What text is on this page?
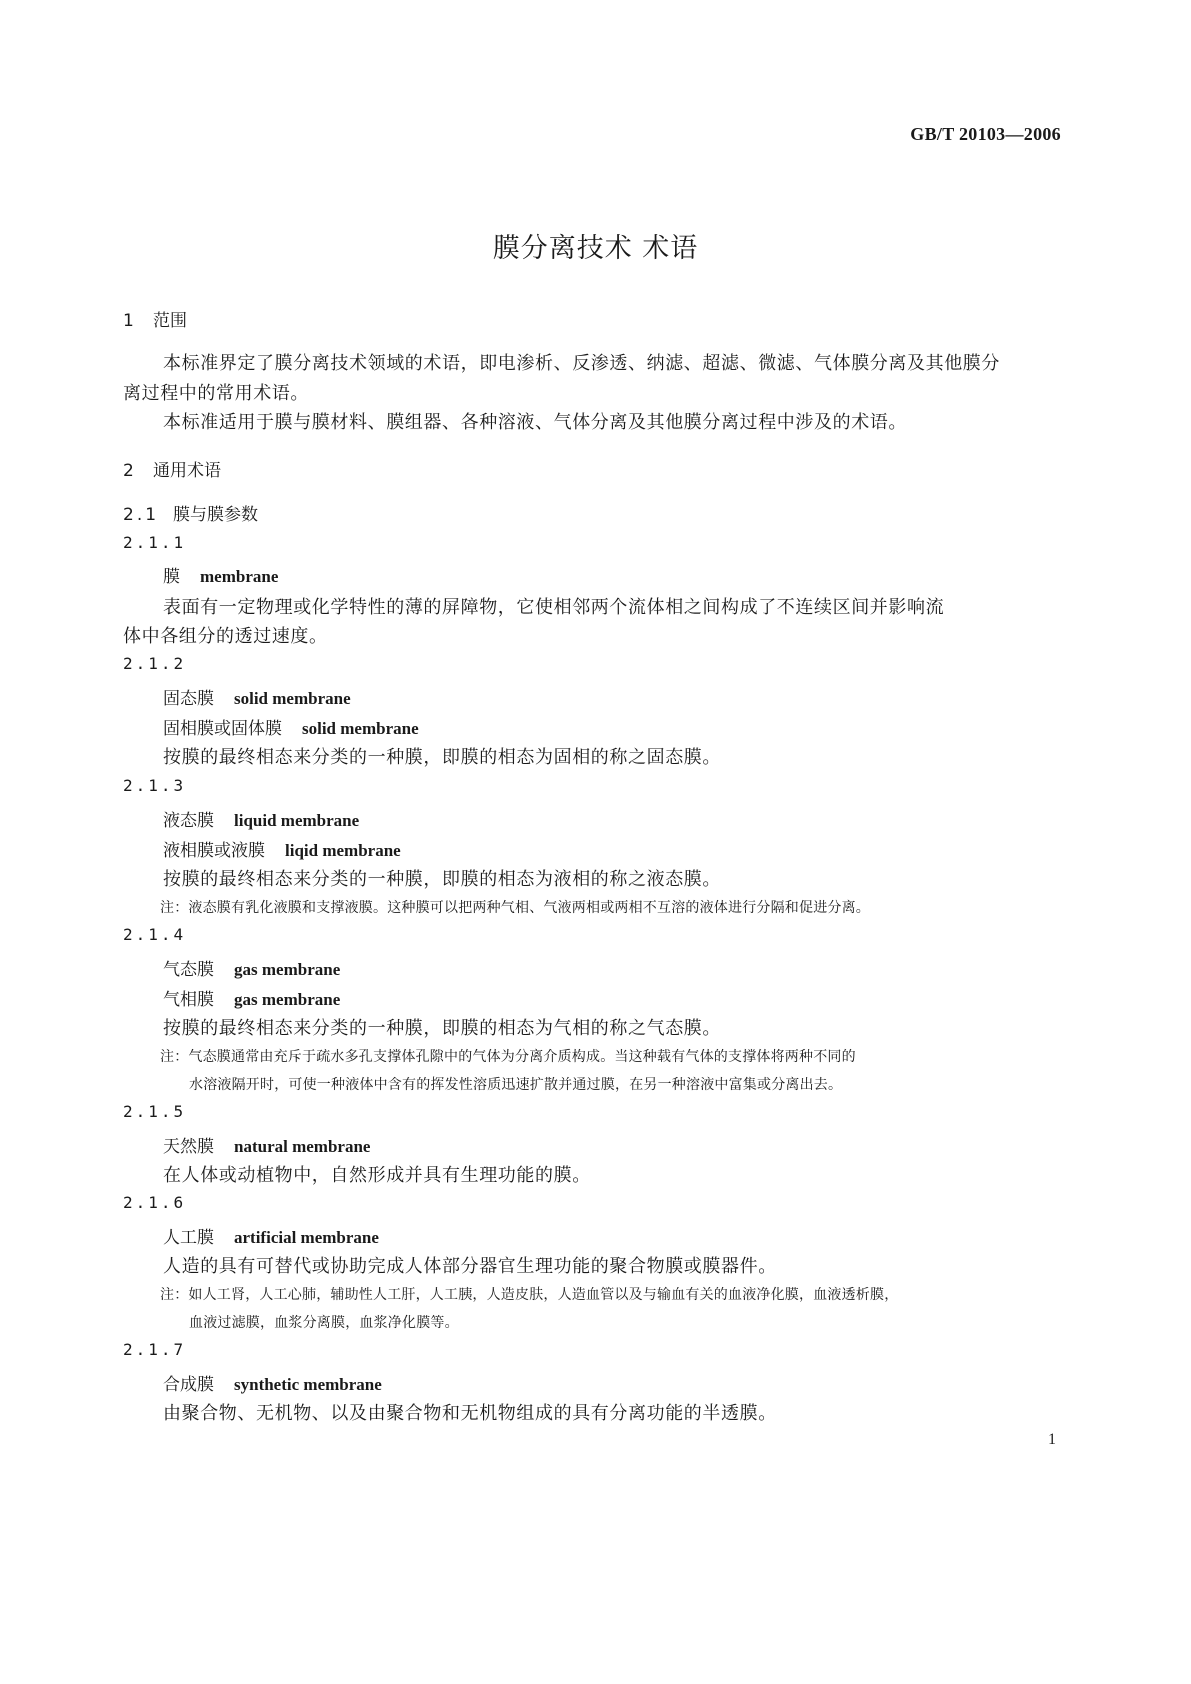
GB/T 20103—2006
膜分离技术 术语
1 范围
本标准界定了膜分离技术领域的术语，即电渗析、反渗透、纳滤、超滤、微滤、气体膜分离及其他膜分
离过程中的常用术语。
本标准适用于膜与膜材料、膜组器、各种溶液、气体分离及其他膜分离过程中涉及的术语。
2 通用术语
2.1 膜与膜参数
2.1.1
膜 membrane
表面有一定物理或化学特性的薄的屏障物，它使相邻两个流体相之间构成了不连续区间并影响流
体中各组分的透过速度。
2.1.2
固态膜 solid membrane
固相膜或固体膜 solid membrane
按膜的最终相态来分类的一种膜，即膜的相态为固相的称之固态膜。
2.1.3
液态膜 liquid membrane
液相膜或液膜 liqid membrane
按膜的最终相态来分类的一种膜，即膜的相态为液相的称之液态膜。
注：液态膜有乳化液膜和支撑液膜。这种膜可以把两种气相、气液两相或两相不互溶的液体进行分隔和促进分离。
2.1.4
气态膜 gas membrane
气相膜 gas membrane
按膜的最终相态来分类的一种膜，即膜的相态为气相的称之气态膜。
注：气态膜通常由充斥于疏水多孔支撑体孔隙中的气体为分离介质构成。当这种载有气体的支撑体将两种不同的
水溶液隔开时，可使一种液体中含有的挥发性溶质迅速扩散并通过膜，在另一种溶液中富集或分离出去。
2.1.5
天然膜 natural membrane
在人体或动植物中，自然形成并具有生理功能的膜。
2.1.6
人工膜 artificial membrane
人造的具有可替代或协助完成人体部分器官生理功能的聚合物膜或膜器件。
注：如人工肾，人工心肺，辅助性人工肝，人工胰，人造皮肤，人造血管以及与输血有关的血液净化膜，血液透析膜，
血液过滤膜，血浆分离膜，血浆净化膜等。
2.1.7
合成膜 synthetic membrane
由聚合物、无机物、以及由聚合物和无机物组成的具有分离功能的半透膜。
1
